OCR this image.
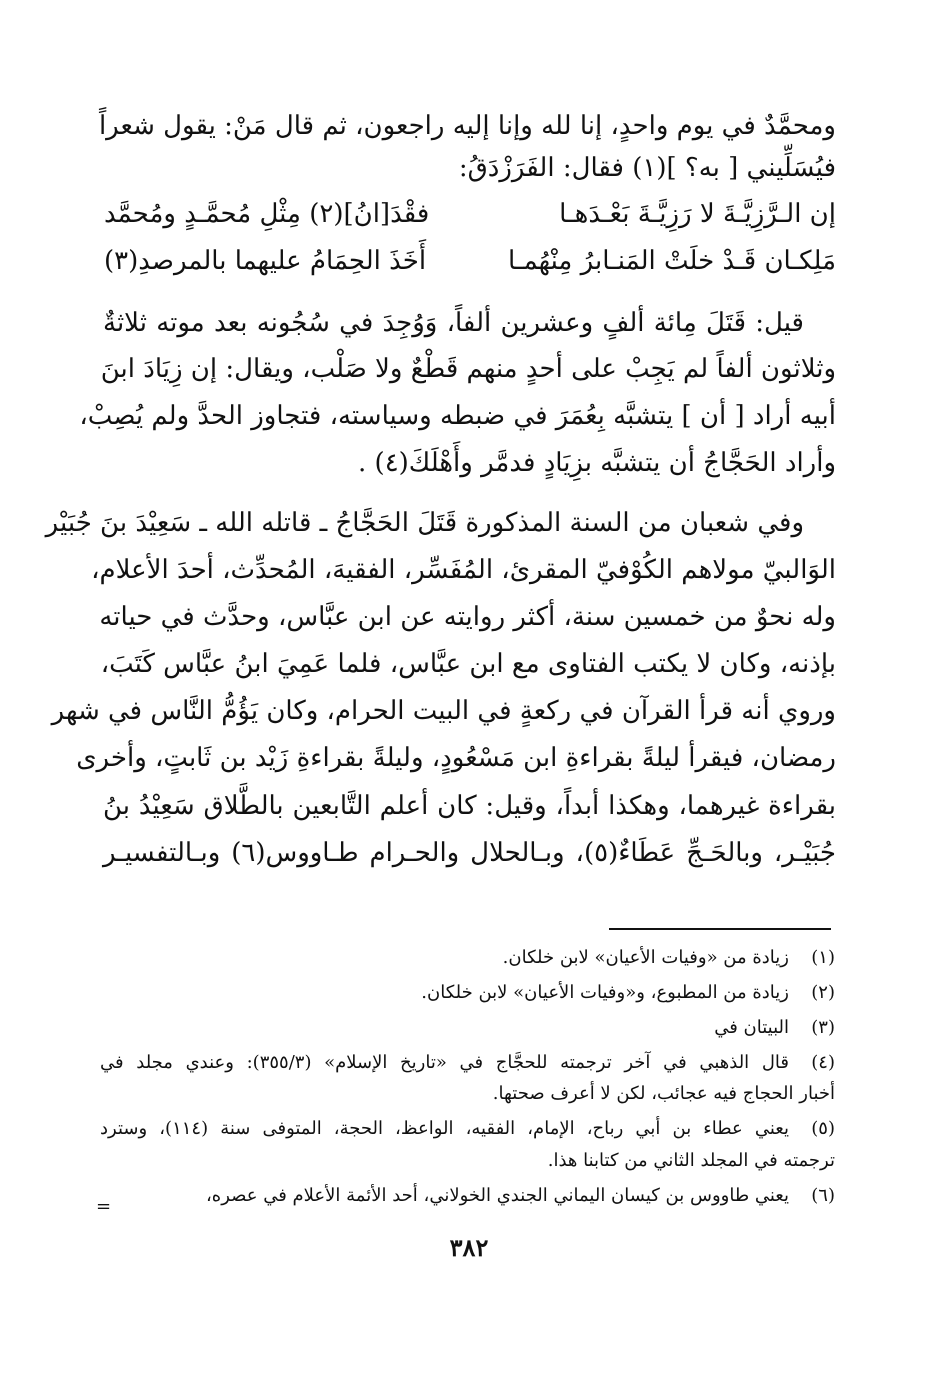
ومحمَّدٌ في يوم واحدٍ، إنا لله وإنا إليه راجعون، ثم قال مَنْ: يقول شعراً
فيُسَلِّيني [ به؟ ](١) فقال: الفَرَزْدَقُ:
إن الـرَّزِيَّـةَ لا رَزِيَّـةَ بَعْـدَهـا
فقْدَ[انُ](٢) مِثْلِ مُحمَّـدٍ ومُحمَّد
مَلِكـان قَـدْ خلَتْ المَنـابرُ مِنْهُمـا
أَخَذَ الحِمَامُ عليهما بالمرصدِ(٣)
قيل: قَتَلَ مِائة ألفٍ وعشرين ألفاً، وَوُجِدَ في سُجُونه بعد موته ثلاثةٌ
وثلاثون ألفاً لم يَجِبْ على أحدٍ منهم قَطْعٌ ولا صَلْب، ويقال: إن زِيَادَ ابنَ
أبيه أراد [ أن ] يتشبَّه بِعُمَرَ في ضبطه وسياسته، فتجاوز الحدَّ ولم يُصِبْ،
وأراد الحَجَّاجُ أن يتشبَّه بزِيَادٍ فدمَّر وأَهْلَكَ(٤) .
وفي شعبان من السنة المذكورة قَتَلَ الحَجَّاجُ ـ قاتله الله ـ سَعِيْدَ بنَ جُبَيْر
الوَالبيّ مولاهم الكُوْفيّ المقرئ، المُفَسِّر، الفقيهَ، المُحدِّث، أحدَ الأعلام،
وله نحوٌ من خمسين سنة، أكثر روايته عن ابن عبَّاس، وحدَّث في حياته
بإذنه، وكان لا يكتب الفتاوى مع ابن عبَّاس، فلما عَمِيَ ابنُ عبَّاس كَتَبَ،
وروي أنه قرأ القرآن في ركعةٍ في البيت الحرام، وكان يَؤُمُّ النَّاس في شهر
رمضان، فيقرأ ليلةً بقراءةِ ابن مَسْعُودٍ، وليلةً بقراءةِ زَيْد بن ثَابتٍ، وأخرى
بقراءة غيرهما، وهكذا أبداً، وقيل: كان أعلم التَّابعين بالطَّلاق سَعِيْدُ بنُ
جُبَيْـر، وبالحَـجِّ عَطَاءٌ(٥)، وبـالحلال والحـرام طـاووس(٦) وبـالتفسيـر
(١)زيادة من «وفيات الأعيان» لابن خلكان.
(٢)زيادة من المطبوع، و«وفيات الأعيان» لابن خلكان.
(٣)البيتان في
(٤)قال الذهبي في آخر ترجمته للحجَّاج في «تاريخ الإسلام» (٣٥٥/٣): وعندي مجلد في
أخبار الحجاج فيه عجائب، لكن لا أعرف صحتها.
(٥)يعني عطاء بن أبي رباح، الإمام، الفقيه، الواعظ، الحجة، المتوفى سنة (١١٤)، وسترد
ترجمته في المجلد الثاني من كتابنا هذا.
(٦)يعني طاووس بن كيسان اليماني الجندي الخولاني، أحد الأئمة الأعلام في عصره،
=
٣٨٢
